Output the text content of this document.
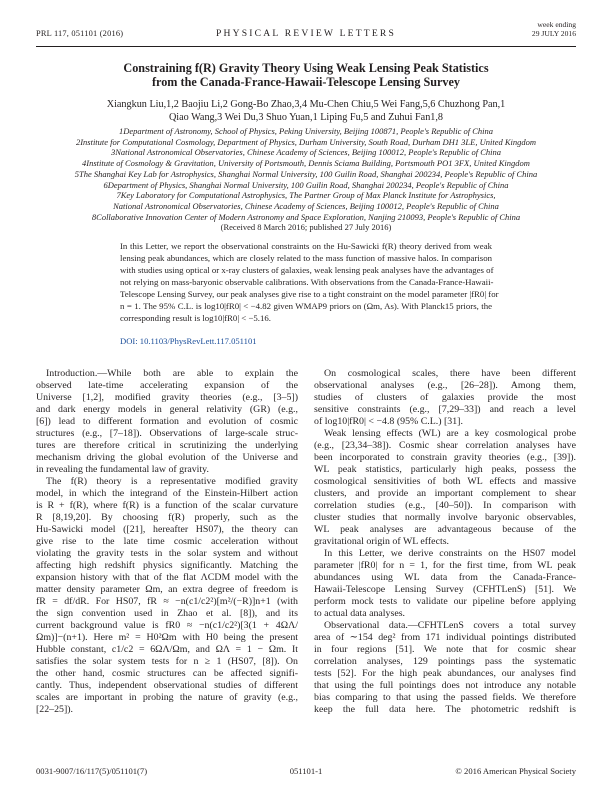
PRL 117, 051101 (2016)	PHYSICAL REVIEW LETTERS
week ending
29 JULY 2016
Constraining f(R) Gravity Theory Using Weak Lensing Peak Statistics
from the Canada-France-Hawaii-Telescope Lensing Survey
Xiangkun Liu,1,2 Baojiu Li,2 Gong-Bo Zhao,3,4 Mu-Chen Chiu,5 Wei Fang,5,6 Chuzhong Pan,1
Qiao Wang,3 Wei Du,3 Shuo Yuan,1 Liping Fu,5 and Zuhui Fan1,8
1Department of Astronomy, School of Physics, Peking University, Beijing 100871, People's Republic of China
2Institute for Computational Cosmology, Department of Physics, Durham University, South Road, Durham DH1 3LE, United Kingdom
3National Astronomical Observatories, Chinese Academy of Sciences, Beijing 100012, People's Republic of China
4Institute of Cosmology & Gravitation, University of Portsmouth, Dennis Sciama Building, Portsmouth PO1 3FX, United Kingdom
5The Shanghai Key Lab for Astrophysics, Shanghai Normal University, 100 Guilin Road, Shanghai 200234, People's Republic of China
6Department of Physics, Shanghai Normal University, 100 Guilin Road, Shanghai 200234, People's Republic of China
7Key Laboratory for Computational Astrophysics, The Partner Group of Max Planck Institute for Astrophysics,
National Astronomical Observatories, Chinese Academy of Sciences, Beijing 100012, People's Republic of China
8Collaborative Innovation Center of Modern Astronomy and Space Exploration, Nanjing 210093, People's Republic of China
(Received 8 March 2016; published 27 July 2016)
In this Letter, we report the observational constraints on the Hu-Sawicki f(R) theory derived from weak
lensing peak abundances, which are closely related to the mass function of massive halos. In comparison
with studies using optical or x-ray clusters of galaxies, weak lensing peak analyses have the advantages of
not relying on mass-baryonic observable calibrations. With observations from the Canada-France-Hawaii-
Telescope Lensing Survey, our peak analyses give rise to a tight constraint on the model parameter |fR0| for
n = 1. The 95% C.L. is log10|fR0| < −4.82 given WMAP9 priors on (Ωm, As). With Planck15 priors, the
corresponding result is log10|fR0| < −5.16.
DOI: 10.1103/PhysRevLett.117.051101
Introduction.—While both are able to explain the
observed late-time accelerating expansion of the
Universe [1,2], modified gravity theories (e.g., [3–5])
and dark energy models in general relativity (GR) (e.g.,
[6]) lead to different formation and evolution of cosmic
structures (e.g., [7–18]). Observations of large-scale struc-
tures are therefore critical in scrutinizing the underlying
mechanism driving the global evolution of the Universe and
in revealing the fundamental law of gravity.
The f(R) theory is a representative modified gravity
model, in which the integrand of the Einstein-Hilbert action
is R + f(R), where f(R) is a function of the scalar curvature
R [8,19,20]. By choosing f(R) properly, such as the
Hu-Sawicki model ([21], hereafter HS07), the theory can
give rise to the late time cosmic acceleration without
violating the gravity tests in the solar system and without
affecting high redshift physics significantly. Matching the
expansion history with that of the flat ΛCDM model with the
matter density parameter Ωm, an extra degree of freedom is
fR = df/dR. For HS07, fR ≈ −n(c1/c2²)[m²/(−R)]n+1 (with
the sign convention used in Zhao et al. [8]), and its
current background value is fR0 ≈ −n(c1/c2²)[3(1 + 4ΩΛ/
Ωm)]−(n+1). Here m² = H0²Ωm with H0 being the present
Hubble constant, c1/c2 = 6ΩΛ/Ωm, and ΩΛ = 1 − Ωm. It
satisfies the solar system tests for n ≥ 1 (HS07, [8]). On
the other hand, cosmic structures can be affected signifi-
cantly. Thus, independent observational studies of different
scales are important in probing the nature of gravity (e.g.,
[22–25]).
On cosmological scales, there have been different
observational analyses (e.g., [26–28]). Among them,
studies of clusters of galaxies provide the most
sensitive constraints (e.g., [7,29–33]) and reach a level
of log10|fR0| < −4.8 (95% C.L.) [31].
Weak lensing effects (WL) are a key cosmological probe
(e.g., [23,34–38]). Cosmic shear correlation analyses have
been incorporated to constrain gravity theories (e.g., [39]).
WL peak statistics, particularly high peaks, possess the
cosmological sensitivities of both WL effects and massive
clusters, and provide an important complement to shear
correlation studies (e.g., [40–50]). In comparison with
cluster studies that normally involve baryonic observables,
WL peak analyses are advantageous because of the
gravitational origin of WL effects.
In this Letter, we derive constraints on the HS07 model
parameter |fR0| for n = 1, for the first time, from WL peak
abundances using WL data from the Canada-France-
Hawaii-Telescope Lensing Survey (CFHTLenS) [51]. We
perform mock tests to validate our pipeline before applying
to actual data analyses.
Observational data.—CFHTLenS covers a total survey
area of ∼154 deg² from 171 individual pointings distributed
in four regions [51]. We note that for cosmic shear
correlation analyses, 129 pointings pass the systematic
tests [52]. For the high peak abundances, our analyses find
that using the full pointings does not introduce any notable
bias comparing to that using the passed fields. We therefore
keep the full data here. The photometric redshift is
0031-9007/16/117(5)/051101(7)	051101-1	© 2016 American Physical Society
